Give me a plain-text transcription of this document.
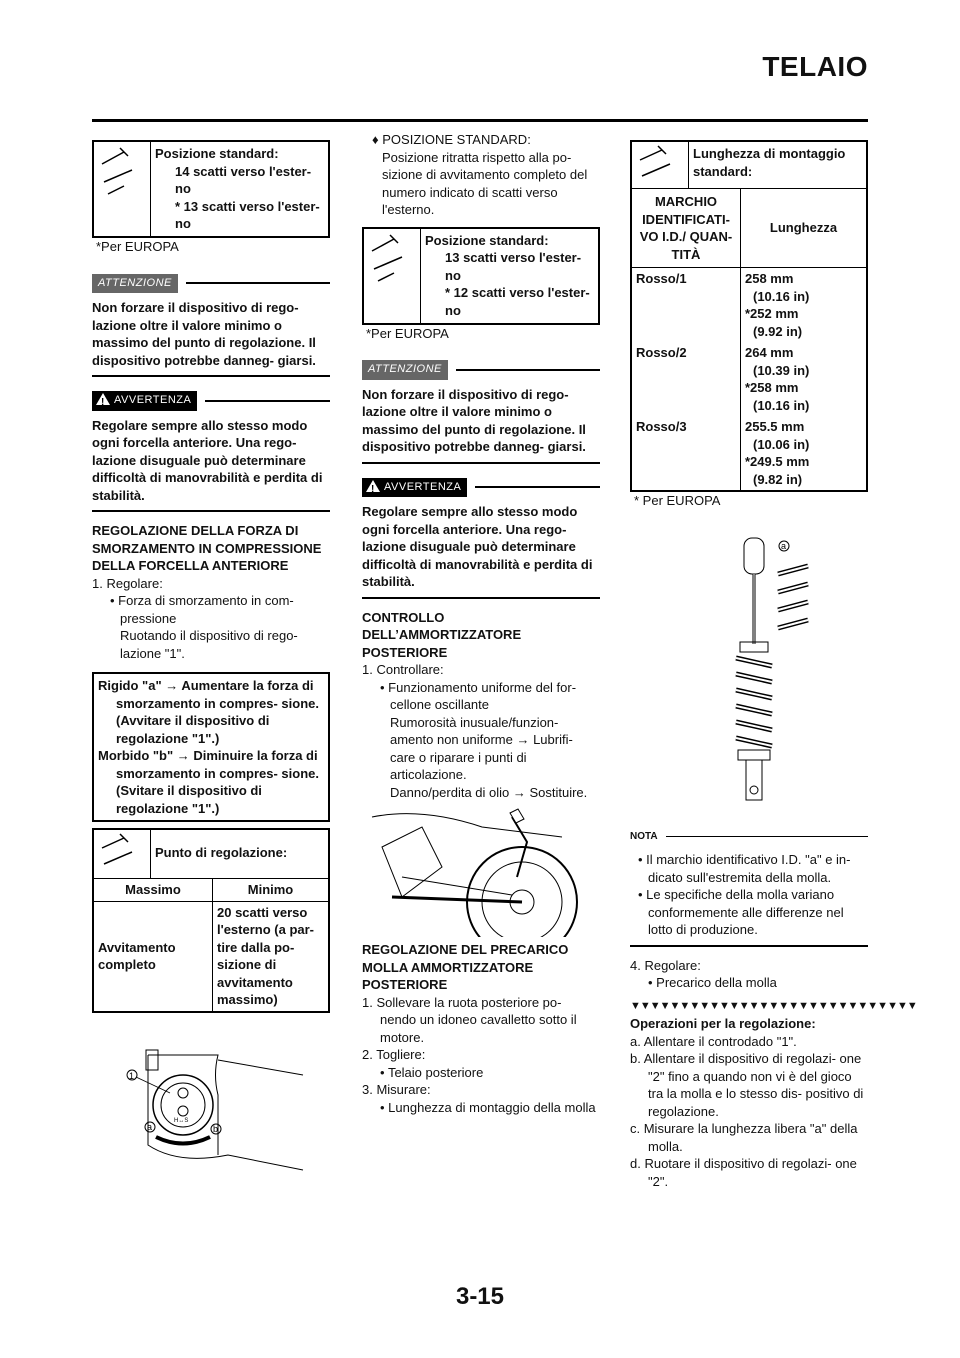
TELAIO

Posizione standard:

14 scatti verso l'ester-

no

* 13 scatti verso l'ester-

no

*Per EUROPA

ATTENZIONE

Non forzare il dispositivo di rego- lazione oltre il valore minimo o massimo del punto di regolazione. Il dispositivo potrebbe danneg- giarsi.

!
AVVERTENZA

Regolare sempre allo stesso modo ogni forcella anteriore. Una rego- lazione disuguale può determinare difficoltà di manovrabilità e perdita di stabilità.

REGOLAZIONE DELLA FORZA DI SMORZAMENTO IN COMPRESSIONE DELLA FORCELLA ANTERIORE

1. Regolare:

• Forza di smorzamento in com- pressione

Ruotando il dispositivo di rego- lazione "1".

Rigido "a" → Aumentare la forza di smorzamento in compres- sione. (Avvitare il dispositivo di regolazione "1".)

Morbido "b" → Diminuire la forza di smorzamento in compres- sione. (Svitare il dispositivo di regolazione "1".)

Punto di regolazione:
Massimo	Minimo
Avvitamento completo	20 scatti verso l'esterno (a par- tire dalla po- sizione di avvitamento massimo)
1
a	b
H↔S

♦ POSIZIONE STANDARD:

Posizione ritratta rispetto alla po- sizione di avvitamento completo del numero indicato di scatti verso l'esterno.

Posizione standard:

13 scatti verso l'ester-

no

* 12 scatti verso l'ester-

no

*Per EUROPA

ATTENZIONE

Non forzare il dispositivo di rego- lazione oltre il valore minimo o massimo del punto di regolazione. Il dispositivo potrebbe danneg- giarsi.

!
AVVERTENZA

Regolare sempre allo stesso modo ogni forcella anteriore. Una rego- lazione disuguale può determinare difficoltà di manovrabilità e perdita di stabilità.

CONTROLLO DELL’AMMORTIZZATORE POSTERIORE

1. Controllare:

• Funzionamento uniforme del for- cellone oscillante

Rumorosità inusuale/funzion- amento non uniforme → Lubrifi- care o riparare i punti di articolazione.

Danno/perdita di olio → Sostituire.

REGOLAZIONE DEL PRECARICO MOLLA AMMORTIZZATORE POSTERIORE

1. Sollevare la ruota posteriore po- nendo un idoneo cavalletto sotto il motore.

2. Togliere:

• Telaio posteriore

3. Misurare:

• Lunghezza di montaggio della molla

Lunghezza di montaggio standard:
MARCHIO IDENTIFICATI- VO I.D./ QUAN- TITÀ	Lunghezza
Rosso/1	258 mm

(10.16 in)

*252 mm

(9.92 in)

Rosso/2	264 mm

(10.39 in)

*258 mm

(10.16 in)

Rosso/3	255.5 mm

(10.06 in)

*249.5 mm

(9.82 in)

* Per EUROPA

a
NOTA

• Il marchio identificativo I.D. "a" e in- dicato sull'estremita della molla.

• Le specifiche della molla variano conformemente alle differenze nel lotto di produzione.

4. Regolare:

• Precarico della molla

▼▼▼▼▼▼▼▼▼▼▼▼▼▼▼▼▼▼▼▼▼▼▼▼▼▼▼▼▼

Operazioni per la regolazione:

a. Allentare il controdado "1".

b. Allentare il dispositivo di regolazi- one "2" fino a quando non vi è del gioco tra la molla e lo stesso dis- positivo di regolazione.

c. Misurare la lunghezza libera "a" della molla.

d. Ruotare il dispositivo di regolazi- one "2".

3-15
